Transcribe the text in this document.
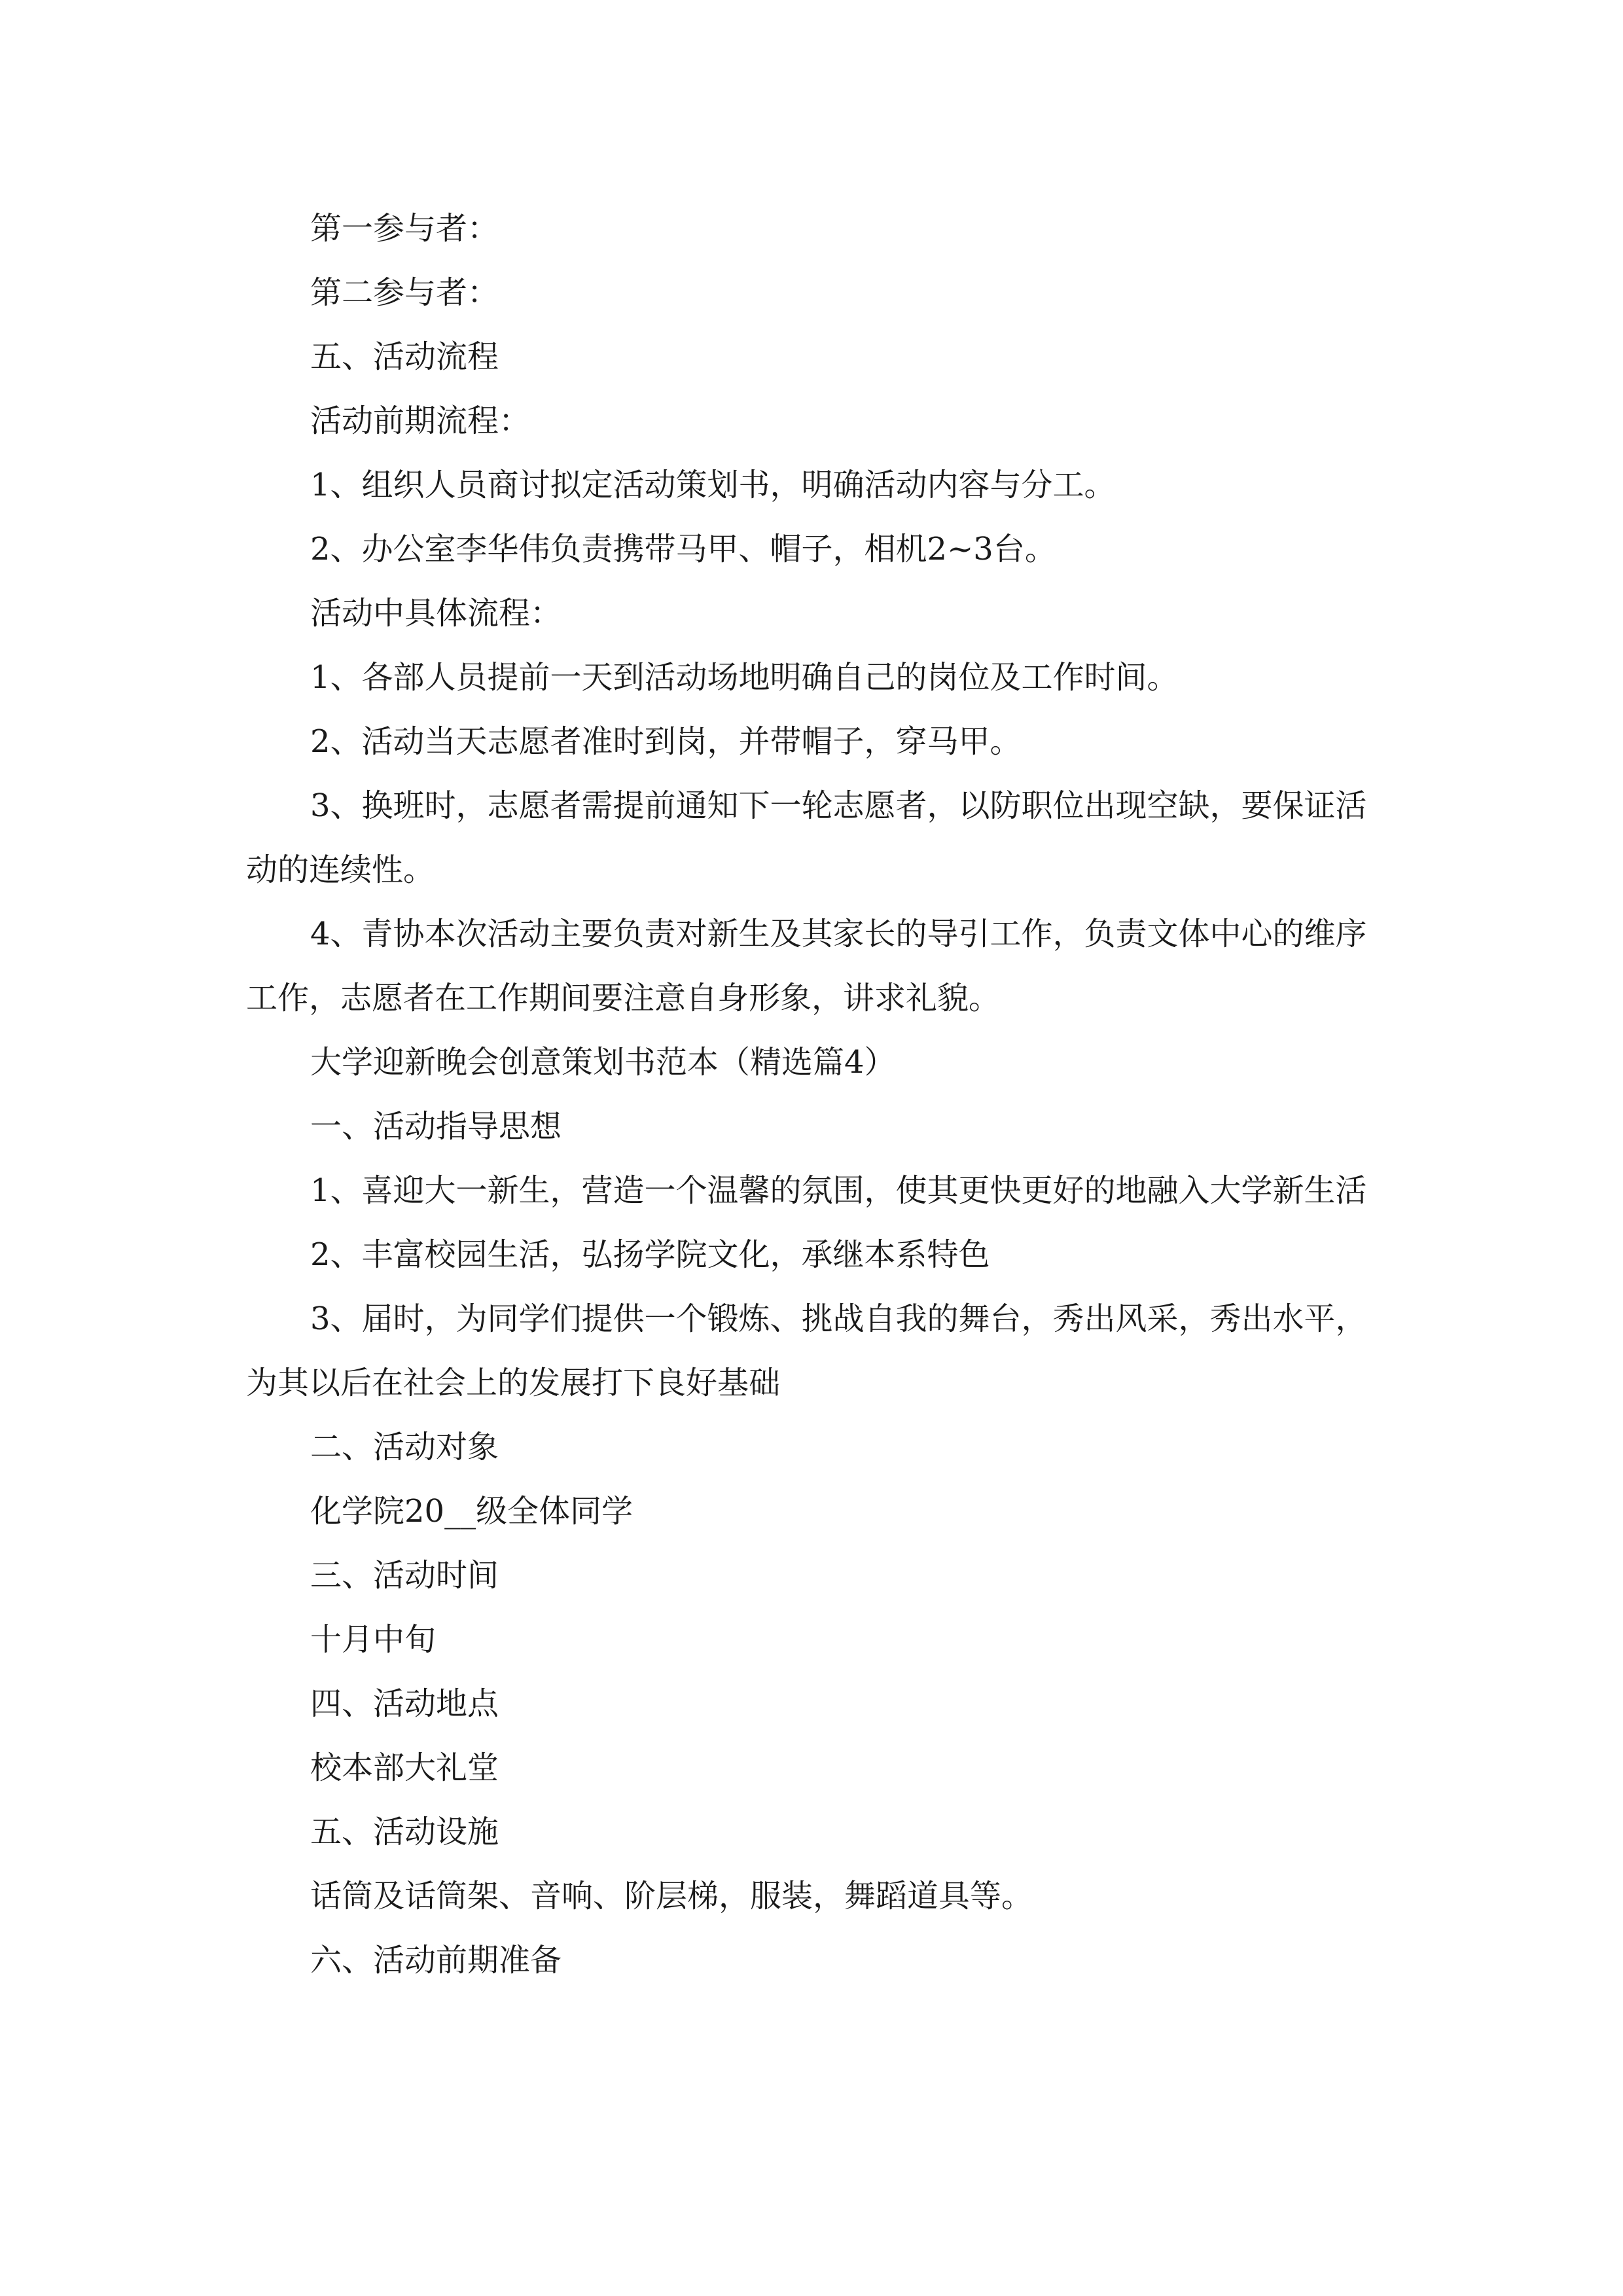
第一参与者：

第二参与者：

五、活动流程

活动前期流程：

1、组织人员商讨拟定活动策划书，明确活动内容与分工。

2、办公室李华伟负责携带马甲、帽子，相机2~3台。

活动中具体流程：

1、各部人员提前一天到活动场地明确自己的岗位及工作时间。

2、活动当天志愿者准时到岗，并带帽子，穿马甲。

3、换班时，志愿者需提前通知下一轮志愿者，以防职位出现空缺，要保证活动的连续性。

4、青协本次活动主要负责对新生及其家长的导引工作，负责文体中心的维序工作，志愿者在工作期间要注意自身形象，讲求礼貌。

大学迎新晚会创意策划书范本（精选篇4）

一、活动指导思想

1、喜迎大一新生，营造一个温馨的氛围，使其更快更好的地融入大学新生活

2、丰富校园生活，弘扬学院文化，承继本系特色

3、届时，为同学们提供一个锻炼、挑战自我的舞台，秀出风采，秀出水平，为其以后在社会上的发展打下良好基础

二、活动对象

化学院20__级全体同学

三、活动时间

十月中旬

四、活动地点

校本部大礼堂

五、活动设施

话筒及话筒架、音响、阶层梯，服装，舞蹈道具等。

六、活动前期准备
